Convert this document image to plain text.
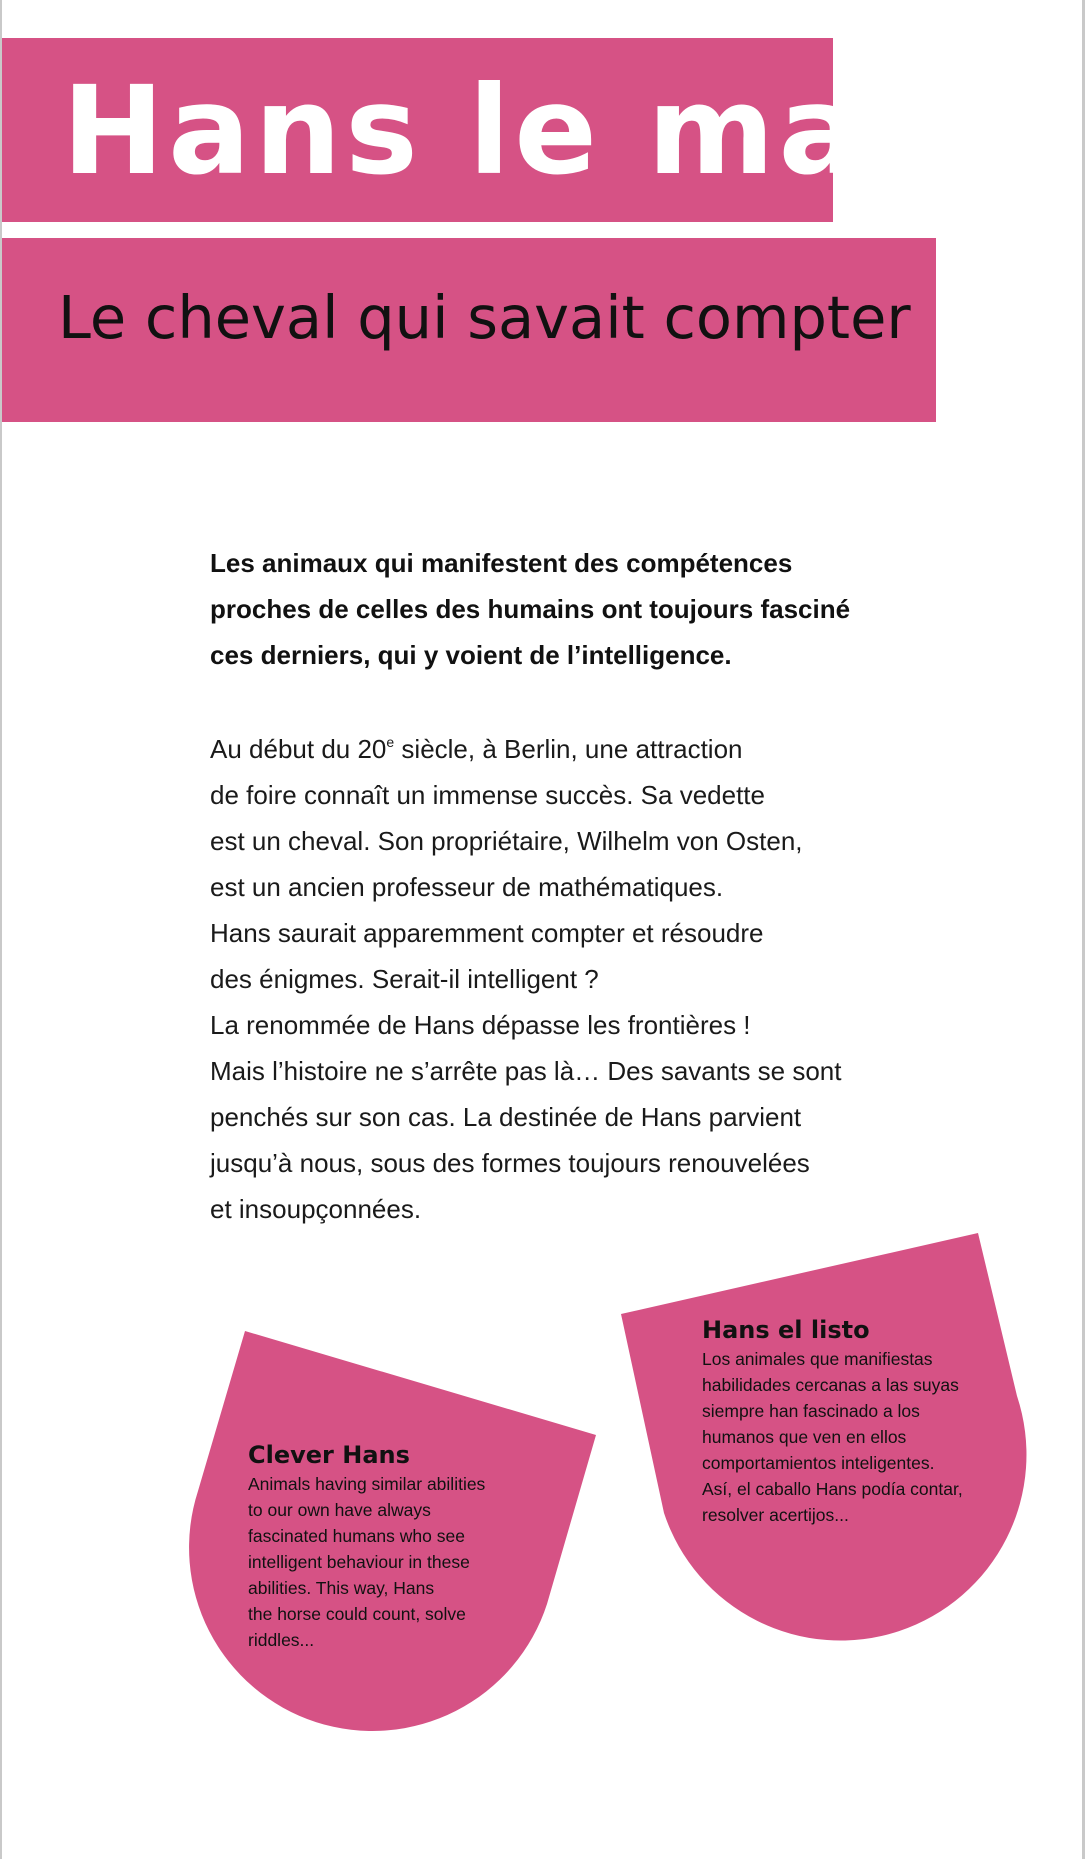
Hans le malin
Le cheval qui savait compter

Les animaux qui manifestent des compétences
proches de celles des humains ont toujours fasciné
ces derniers, qui y voient de l’intelligence.

Au début du 20e siècle, à Berlin, une attraction
de foire connaît un immense succès. Sa vedette
est un cheval. Son propriétaire, Wilhelm von Osten,
est un ancien professeur de mathématiques.
Hans saurait apparemment compter et résoudre
des énigmes. Serait-il intelligent ?
La renommée de Hans dépasse les frontières !
Mais l’histoire ne s’arrête pas là… Des savants se sont
penchés sur son cas. La destinée de Hans parvient
jusqu’à nous, sous des formes toujours renouvelées
et insoupçonnées.

Clever Hans

Animals having similar abilities
to our own have always
fascinated humans who see
intelligent behaviour in these
abilities. This way, Hans
the horse could count, solve
riddles...

Hans el listo

Los animales que manifiestas
habilidades cercanas a las suyas
siempre han fascinado a los
humanos que ven en ellos
comportamientos inteligentes.
Así, el caballo Hans podía contar,
resolver acertijos...
